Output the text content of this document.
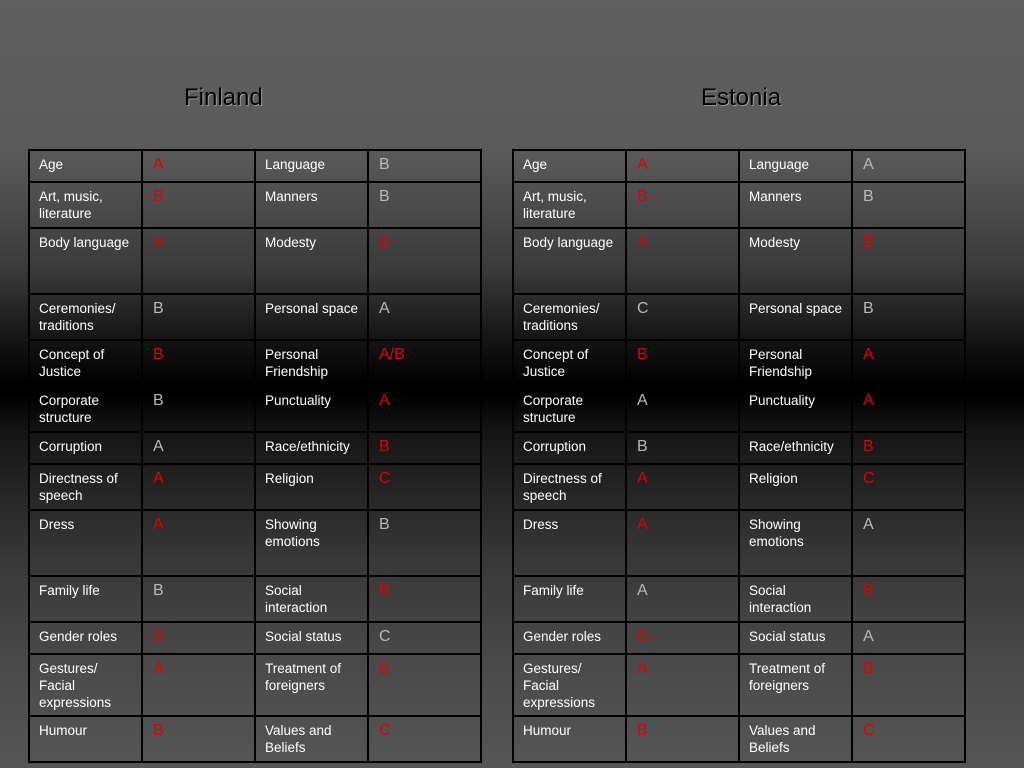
Finland	Estonia
Age	A	Language	B
Art, music, literature	B	Manners	B
Body language	A	Modesty	B
Ceremonies/ traditions	B	Personal space	A
Concept of Justice	B	Personal Friendship	A/B
Corporate structure	B	Punctuality	A
Corruption	A	Race/ethnicity	B
Directness of speech	A	Religion	C
Dress	A	Showing emotions	B
Family life	B	Social interaction	B
Gender roles	B	Social status	C
Gestures/ Facial expressions	A	Treatment of foreigners	B
Humour	B	Values and Beliefs	C
Age	A	Language	A
Art, music, literature	B	Manners	B
Body language	A	Modesty	B
Ceremonies/ traditions	C	Personal space	B
Concept of Justice	B	Personal Friendship	A
Corporate structure	A	Punctuality	A
Corruption	B	Race/ethnicity	B
Directness of speech	A	Religion	C
Dress	A	Showing emotions	A
Family life	A	Social interaction	B
Gender roles	B	Social status	A
Gestures/ Facial expressions	A	Treatment of foreigners	B
Humour	B	Values and Beliefs	C
